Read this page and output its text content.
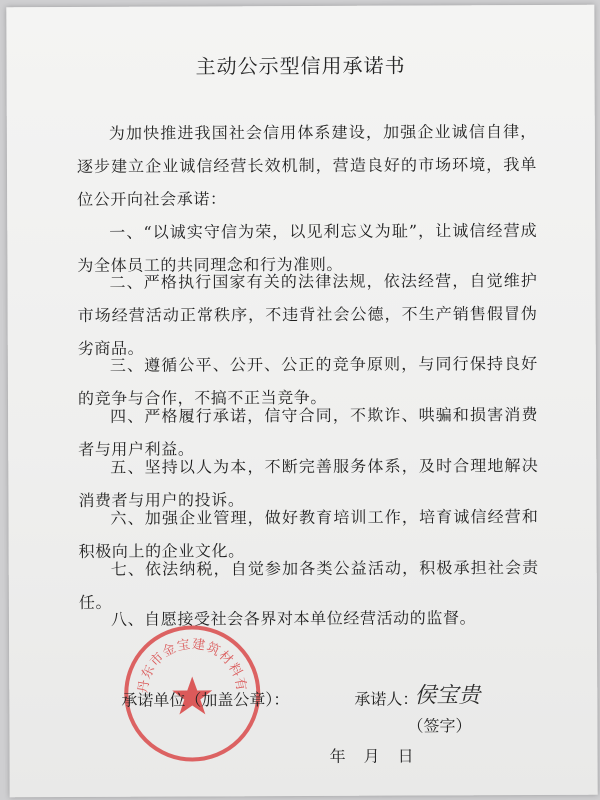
主动公示型信用承诺书

为加快推进我国社会信用体系建设，加强企业诚信自律，逐步建立企业诚信经营长效机制，营造良好的市场环境，我单位公开向社会承诺：

一、“以诚实守信为荣，以见利忘义为耻”，让诚信经营成为全体员工的共同理念和行为准则。

二、严格执行国家有关的法律法规，依法经营，自觉维护市场经营活动正常秩序，不违背社会公德，不生产销售假冒伪劣商品。

三、遵循公平、公开、公正的竞争原则，与同行保持良好的竞争与合作，不搞不正当竞争。

四、严格履行承诺，信守合同，不欺诈、哄骗和损害消费者与用户利益。

五、坚持以人为本，不断完善服务体系，及时合理地解决消费者与用户的投诉。

六、加强企业管理，做好教育培训工作，培育诚信经营和积极向上的企业文化。

七、依法纳税，自觉参加各类公益活动，积极承担社会责任。

八、自愿接受社会各界对本单位经营活动的监督。

丹东市金宝建筑材料有限公司
承诺单位（加盖公章）：	承诺人：
侯宝贵
（签字）
年　月　日
